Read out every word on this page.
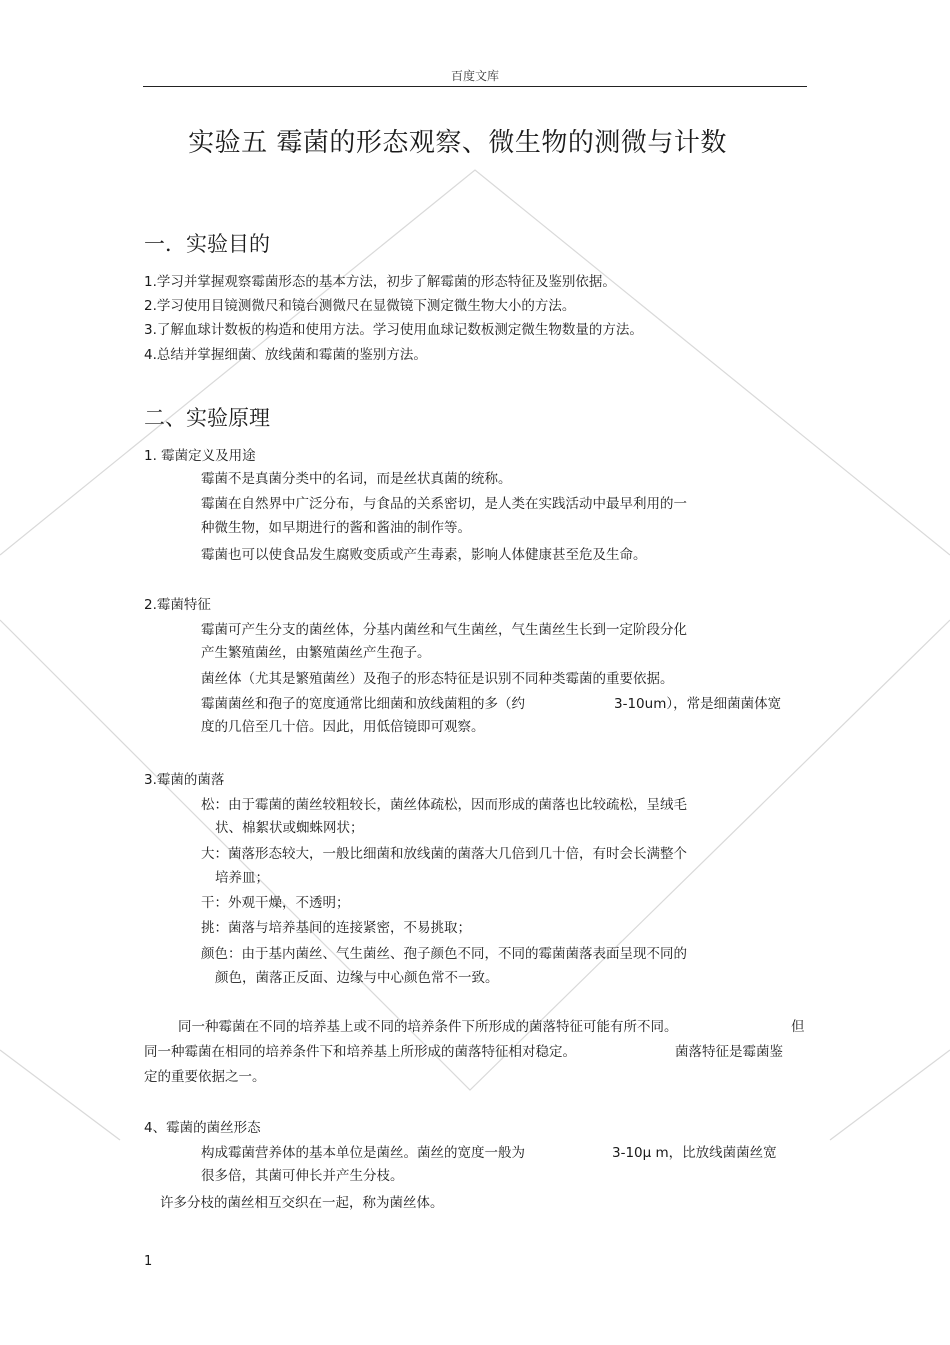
百度文库
实验五 霉菌的形态观察、微生物的测微与计数
一．实验目的
1.学习并掌握观察霉菌形态的基本方法，初步了解霉菌的形态特征及鉴别依据。
2.学习使用目镜测微尺和镜台测微尺在显微镜下测定微生物大小的方法。
3.了解血球计数板的构造和使用方法。学习使用血球记数板测定微生物数量的方法。
4.总结并掌握细菌、放线菌和霉菌的鉴别方法。
二、实验原理
1. 霉菌定义及用途
霉菌不是真菌分类中的名词，而是丝状真菌的统称。
霉菌在自然界中广泛分布，与食品的关系密切，是人类在实践活动中最早利用的一
种微生物，如早期进行的酱和酱油的制作等。
霉菌也可以使食品发生腐败变质或产生毒素，影响人体健康甚至危及生命。
2.霉菌特征
霉菌可产生分支的菌丝体，分基内菌丝和气生菌丝，气生菌丝生长到一定阶段分化
产生繁殖菌丝，由繁殖菌丝产生孢子。
菌丝体（尤其是繁殖菌丝）及孢子的形态特征是识别不同种类霉菌的重要依据。
霉菌菌丝和孢子的宽度通常比细菌和放线菌粗的多（约	3-10um），常是细菌菌体宽
度的几倍至几十倍。因此，用低倍镜即可观察。
3.霉菌的菌落
松：由于霉菌的菌丝较粗较长，菌丝体疏松，因而形成的菌落也比较疏松，呈绒毛
状、棉絮状或蜘蛛网状；
大：菌落形态较大，一般比细菌和放线菌的菌落大几倍到几十倍，有时会长满整个
培养皿；
干：外观干燥，不透明；
挑：菌落与培养基间的连接紧密，不易挑取；
颜色：由于基内菌丝、气生菌丝、孢子颜色不同，不同的霉菌菌落表面呈现不同的
颜色，菌落正反面、边缘与中心颜色常不一致。
同一种霉菌在不同的培养基上或不同的培养条件下所形成的菌落特征可能有所不同。	但
同一种霉菌在相同的培养条件下和培养基上所形成的菌落特征相对稳定。	菌落特征是霉菌鉴
定的重要依据之一。
4、霉菌的菌丝形态
构成霉菌营养体的基本单位是菌丝。菌丝的宽度一般为	3-10μ m，比放线菌菌丝宽
很多倍，其菌可伸长并产生分枝。
许多分枝的菌丝相互交织在一起，称为菌丝体。
1
